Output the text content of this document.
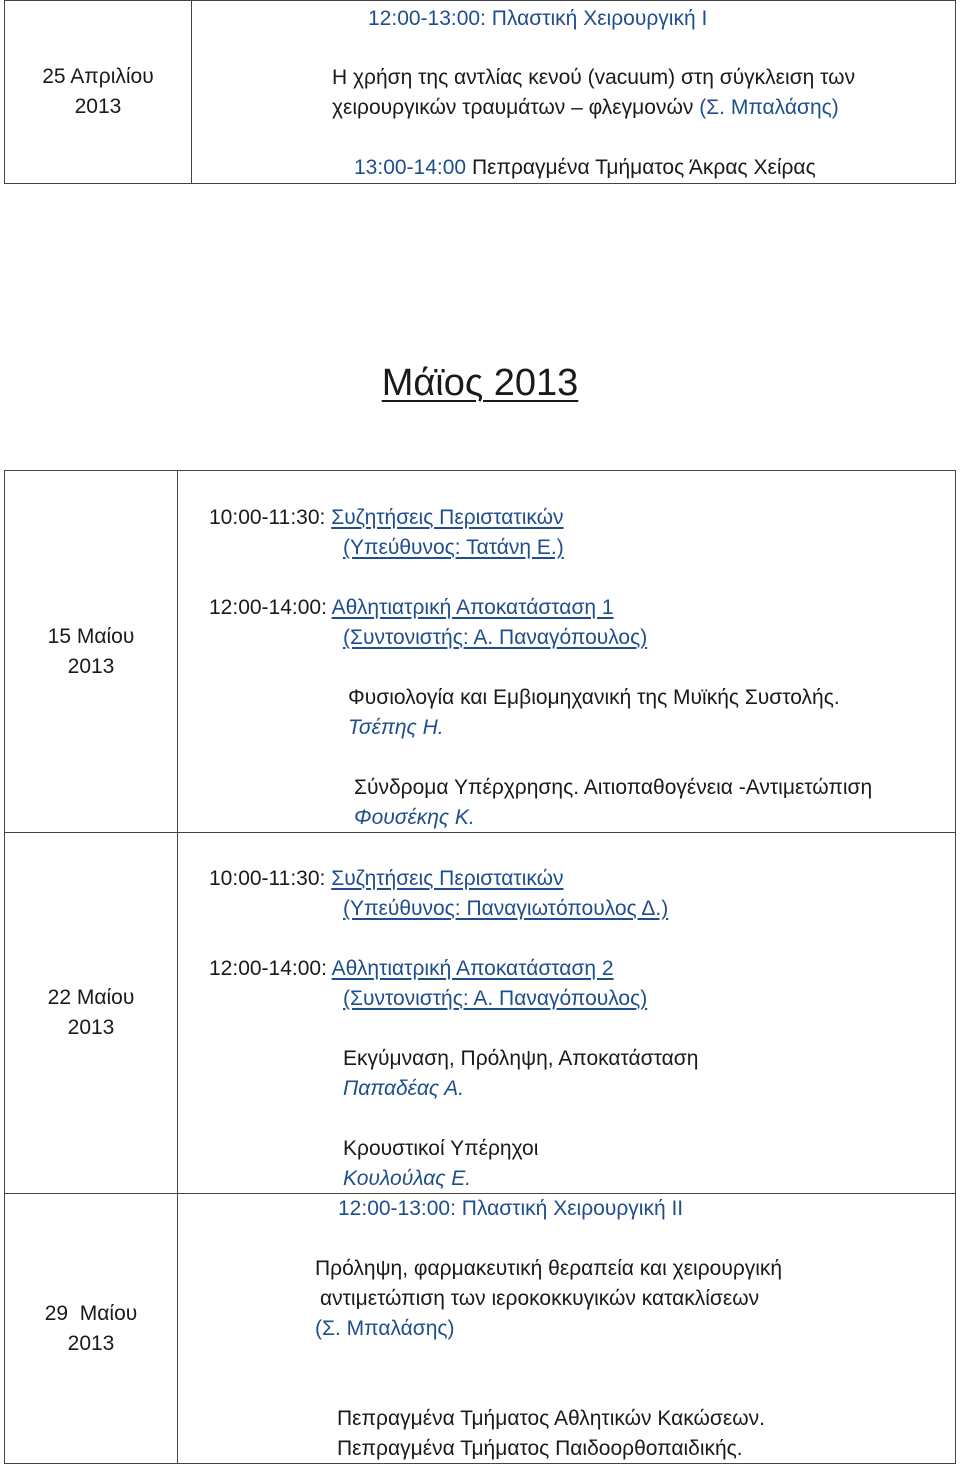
25 Απριλίου
2013
12:00-13:00: Πλαστική Χειρουργική Ι
Η χρήση της αντλίας κενού (vacuum) στη σύγκλειση των
χειρουργικών τραυμάτων – φλεγμονών (Σ. Μπαλάσης)
13:00-14:00 Πεπραγμένα Τμήματος Άκρας Χείρας
Μάϊος 2013
15 Μαίου
2013
10:00-11:30: Συζητήσεις Περιστατικών
(Υπεύθυνος: Τατάνη Ε.)
12:00-14:00: Αθλητιατρική Αποκατάσταση 1
(Συντονιστής: Α. Παναγόπουλος)
Φυσιολογία και Εμβιομηχανική της Μυϊκής Συστολής.
Τσέπης Η.
Σύνδρομα Υπέρχρησης. Αιτιοπαθογένεια -Αντιμετώπιση
Φουσέκης Κ.
22 Μαίου
2013
10:00-11:30: Συζητήσεις Περιστατικών
(Υπεύθυνος: Παναγιωτόπουλος Δ.)
12:00-14:00: Αθλητιατρική Αποκατάσταση 2
(Συντονιστής: Α. Παναγόπουλος)
Εκγύμναση, Πρόληψη, Αποκατάσταση
Παπαδέας Α.
Κρουστικοί Υπέρηχοι
Κουλούλας Ε.
29  Μαίου
2013
12:00-13:00: Πλαστική Χειρουργική ΙΙ
Πρόληψη, φαρμακευτική θεραπεία και χειρουργική
αντιμετώπιση των ιεροκοκκυγικών κατακλίσεων
(Σ. Μπαλάσης)
Πεπραγμένα Τμήματος Αθλητικών Κακώσεων.
Πεπραγμένα Τμήματος Παιδοορθοπαιδικής.
